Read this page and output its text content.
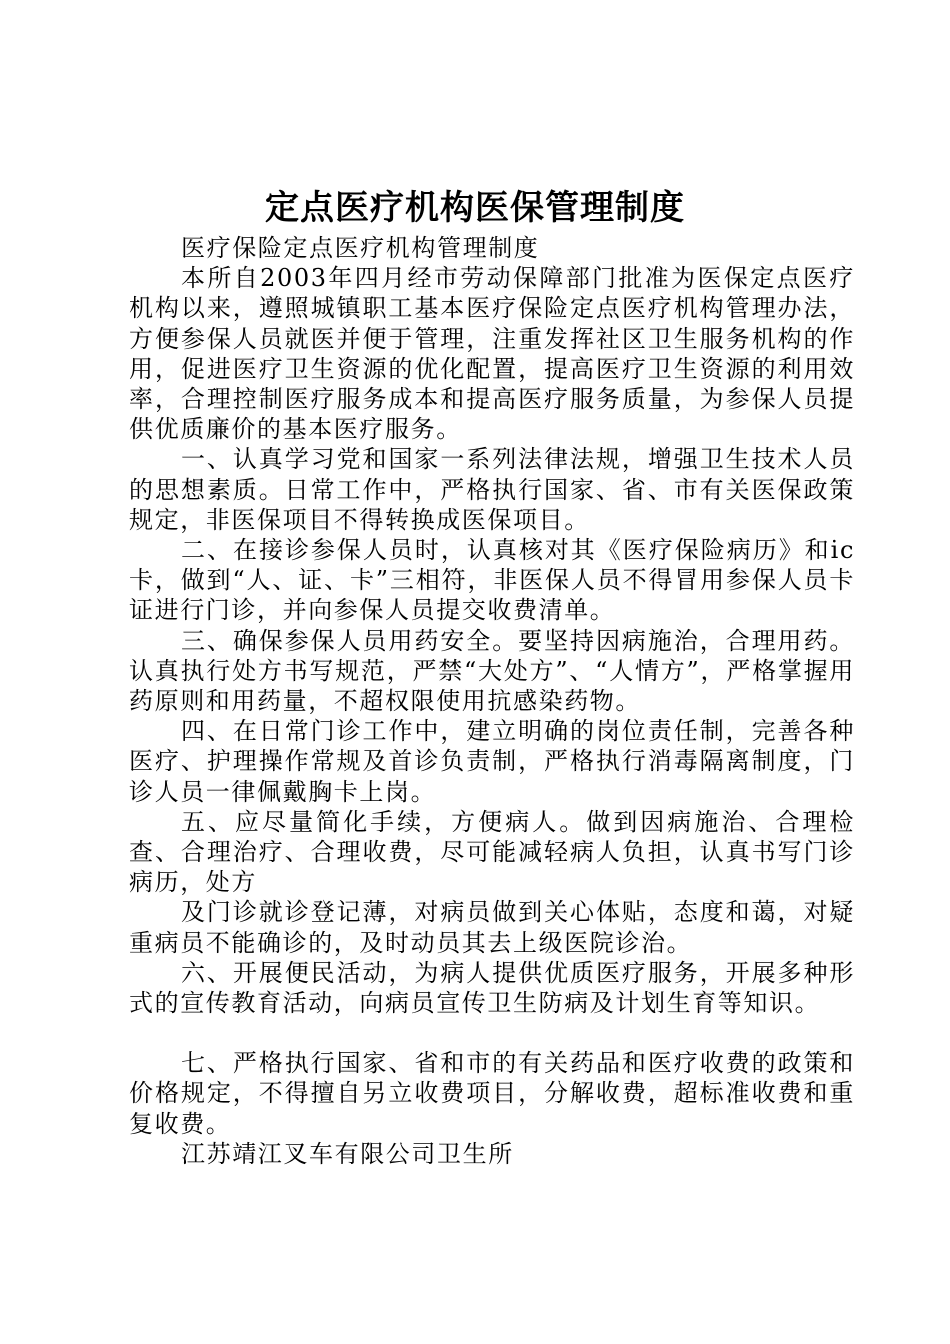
定点医疗机构医保管理制度

医疗保险定点医疗机构管理制度

本所自2003年四月经市劳动保障部门批准为医保定点医疗机构以来，遵照城镇职工基本医疗保险定点医疗机构管理办法，方便参保人员就医并便于管理，注重发挥社区卫生服务机构的作用，促进医疗卫生资源的优化配置，提高医疗卫生资源的利用效率，合理控制医疗服务成本和提高医疗服务质量，为参保人员提供优质廉价的基本医疗服务。

一、认真学习党和国家一系列法律法规，增强卫生技术人员的思想素质。日常工作中，严格执行国家、省、市有关医保政策规定，非医保项目不得转换成医保项目。

二、在接诊参保人员时，认真核对其《医疗保险病历》和ic卡，做到“人、证、卡”三相符，非医保人员不得冒用参保人员卡证进行门诊，并向参保人员提交收费清单。

三、确保参保人员用药安全。要坚持因病施治，合理用药。认真执行处方书写规范，严禁“大处方”、“人情方”，严格掌握用药原则和用药量，不超权限使用抗感染药物。

四、在日常门诊工作中，建立明确的岗位责任制，完善各种医疗、护理操作常规及首诊负责制，严格执行消毒隔离制度，门诊人员一律佩戴胸卡上岗。

五、应尽量简化手续，方便病人。做到因病施治、合理检查、合理治疗、合理收费，尽可能减轻病人负担，认真书写门诊病历，处方

及门诊就诊登记薄，对病员做到关心体贴，态度和蔼，对疑重病员不能确诊的，及时动员其去上级医院诊治。

六、开展便民活动，为病人提供优质医疗服务，开展多种形式的宣传教育活动，向病员宣传卫生防病及计划生育等知识。

七、严格执行国家、省和市的有关药品和医疗收费的政策和价格规定，不得擅自另立收费项目，分解收费，超标准收费和重复收费。

江苏靖江叉车有限公司卫生所
